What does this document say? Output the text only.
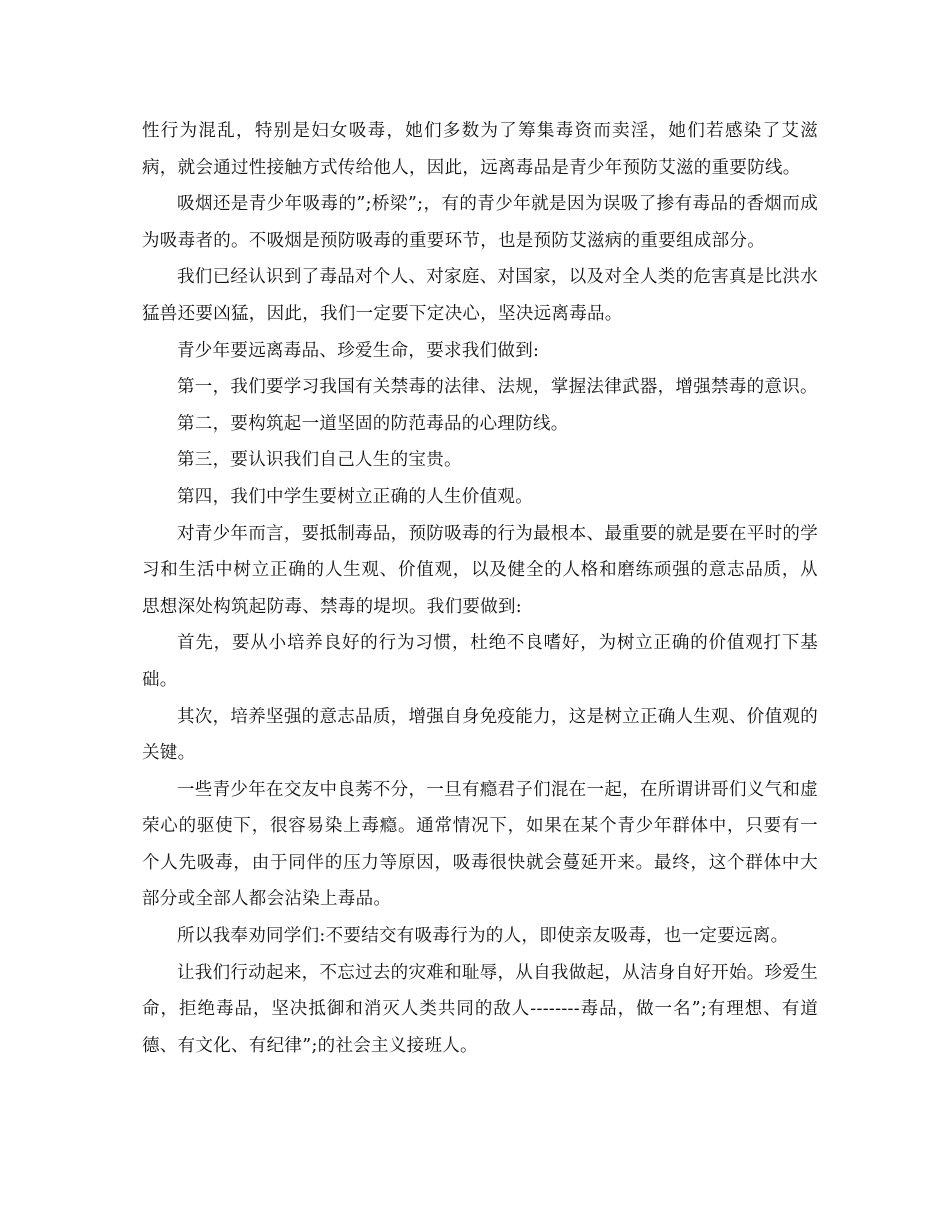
性行为混乱，特别是妇女吸毒，她们多数为了筹集毒资而卖淫，她们若感染了艾滋病，就会通过性接触方式传给他人，因此，远离毒品是青少年预防艾滋的重要防线。

吸烟还是青少年吸毒的”;桥梁”;，有的青少年就是因为误吸了掺有毒品的香烟而成为吸毒者的。不吸烟是预防吸毒的重要环节，也是预防艾滋病的重要组成部分。

我们已经认识到了毒品对个人、对家庭、对国家，以及对全人类的危害真是比洪水猛兽还要凶猛，因此，我们一定要下定决心，坚决远离毒品。

青少年要远离毒品、珍爱生命，要求我们做到:

第一，我们要学习我国有关禁毒的法律、法规，掌握法律武器，增强禁毒的意识。

第二，要构筑起一道坚固的防范毒品的心理防线。

第三，要认识我们自己人生的宝贵。

第四，我们中学生要树立正确的人生价值观。

对青少年而言，要抵制毒品，预防吸毒的行为最根本、最重要的就是要在平时的学习和生活中树立正确的人生观、价值观，以及健全的人格和磨练顽强的意志品质，从思想深处构筑起防毒、禁毒的堤坝。我们要做到:

首先，要从小培养良好的行为习惯，杜绝不良嗜好，为树立正确的价值观打下基础。

其次，培养坚强的意志品质，增强自身免疫能力，这是树立正确人生观、价值观的关键。

一些青少年在交友中良莠不分，一旦有瘾君子们混在一起，在所谓讲哥们义气和虚荣心的驱使下，很容易染上毒瘾。通常情况下，如果在某个青少年群体中，只要有一个人先吸毒，由于同伴的压力等原因，吸毒很快就会蔓延开来。最终，这个群体中大部分或全部人都会沾染上毒品。

所以我奉劝同学们:不要结交有吸毒行为的人，即使亲友吸毒，也一定要远离。

让我们行动起来，不忘过去的灾难和耻辱，从自我做起，从洁身自好开始。珍爱生命，拒绝毒品，坚决抵御和消灭人类共同的敌人--------毒品，做一名”;有理想、有道德、有文化、有纪律”;的社会主义接班人。
